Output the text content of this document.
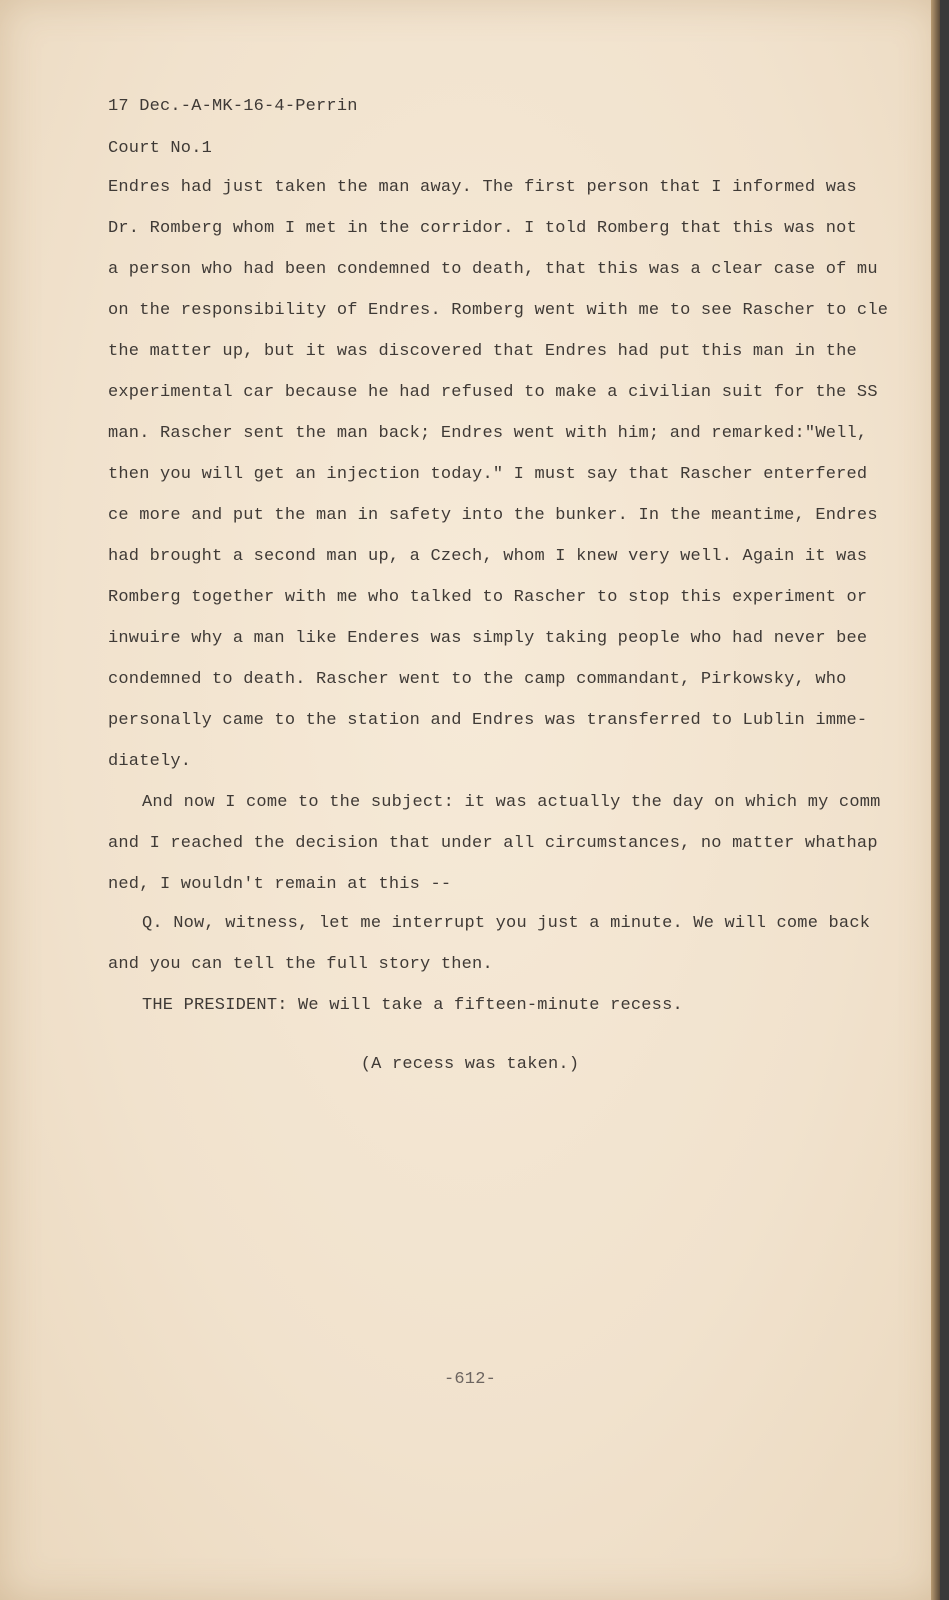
17 Dec.-A-MK-16-4-Perrin

Court No.1

Endres had just taken the man away. The first person that I informed was

Dr. Romberg whom I met in the corridor. I told Romberg that this was not

a person who had been condemned to death, that this was a clear case of mu

on the responsibility of Endres. Romberg went with me to see Rascher to cle

the matter up, but it was discovered that Endres had put this man in the

experimental car because he had refused to make a civilian suit for the SS

man. Rascher sent the man back; Endres went with him; and remarked:"Well,

then you will get an injection today." I must say that Rascher enterfered

ce more and put the man in safety into the bunker. In the meantime, Endres

had brought a second man up, a Czech, whom I knew very well. Again it was

Romberg together with me who talked to Rascher to stop this experiment or

inwuire why a man like Enderes was simply taking people who had never bee

condemned to death. Rascher went to the camp commandant, Pirkowsky, who

personally came to the station and Endres was transferred to Lublin imme-

diately.

And now I come to the subject: it was actually the day on which my comm

and I reached the decision that under all circumstances, no matter whathap

ned, I wouldn't remain at this --

Q. Now, witness, let me interrupt you just a minute. We will come back

and you can tell the full story then.

THE PRESIDENT: We will take a fifteen-minute recess.

(A recess was taken.)

-612-
